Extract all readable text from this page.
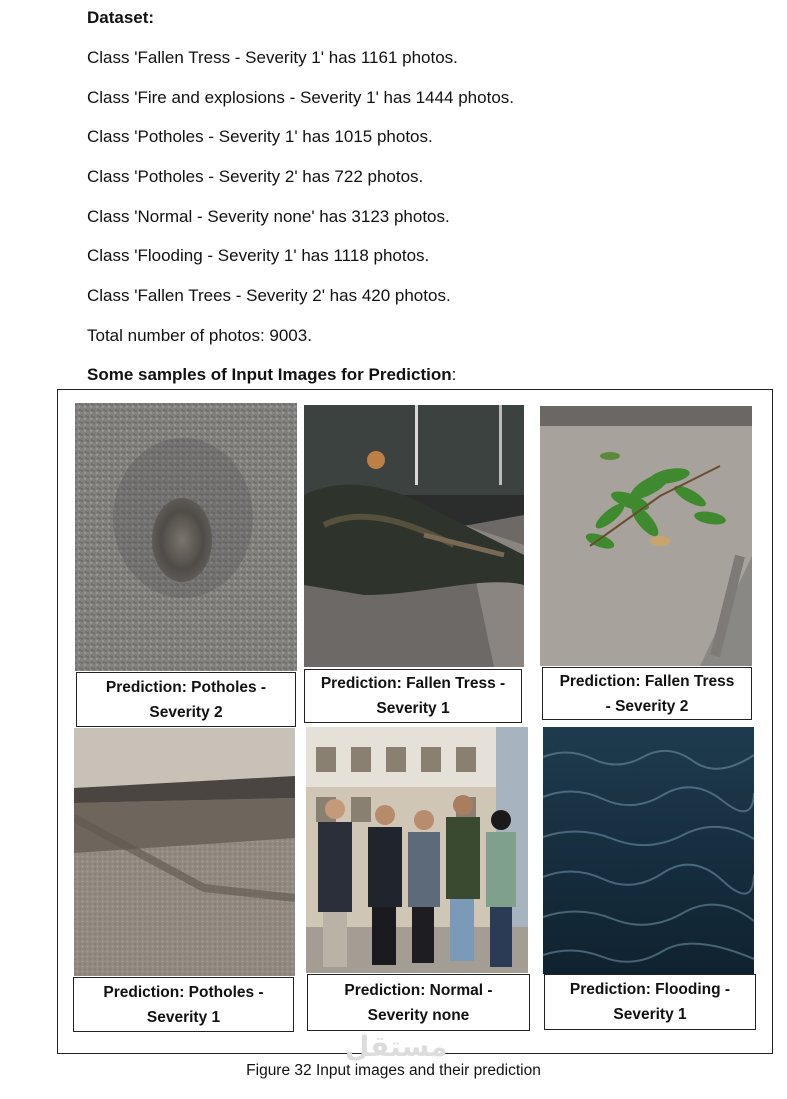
Dataset:
Class 'Fallen Tress - Severity 1' has 1161 photos.
Class 'Fire and explosions - Severity 1' has 1444 photos.
Class 'Potholes - Severity 1' has 1015 photos.
Class 'Potholes - Severity 2' has 722 photos.
Class 'Normal - Severity none' has 3123 photos.
Class 'Flooding - Severity 1' has 1118 photos.
Class 'Fallen Trees - Severity 2' has 420 photos.
Total number of photos: 9003.
Some samples of Input Images for Prediction:
Prediction: Potholes -
Severity 2
Prediction: Fallen Tress -
Severity 1
Prediction: Fallen Tress
- Severity 2
Prediction: Potholes -
Severity 1
Prediction: Normal -
Severity none
Prediction: Flooding -
Severity 1
مستقل
Figure 32 Input images and their prediction
